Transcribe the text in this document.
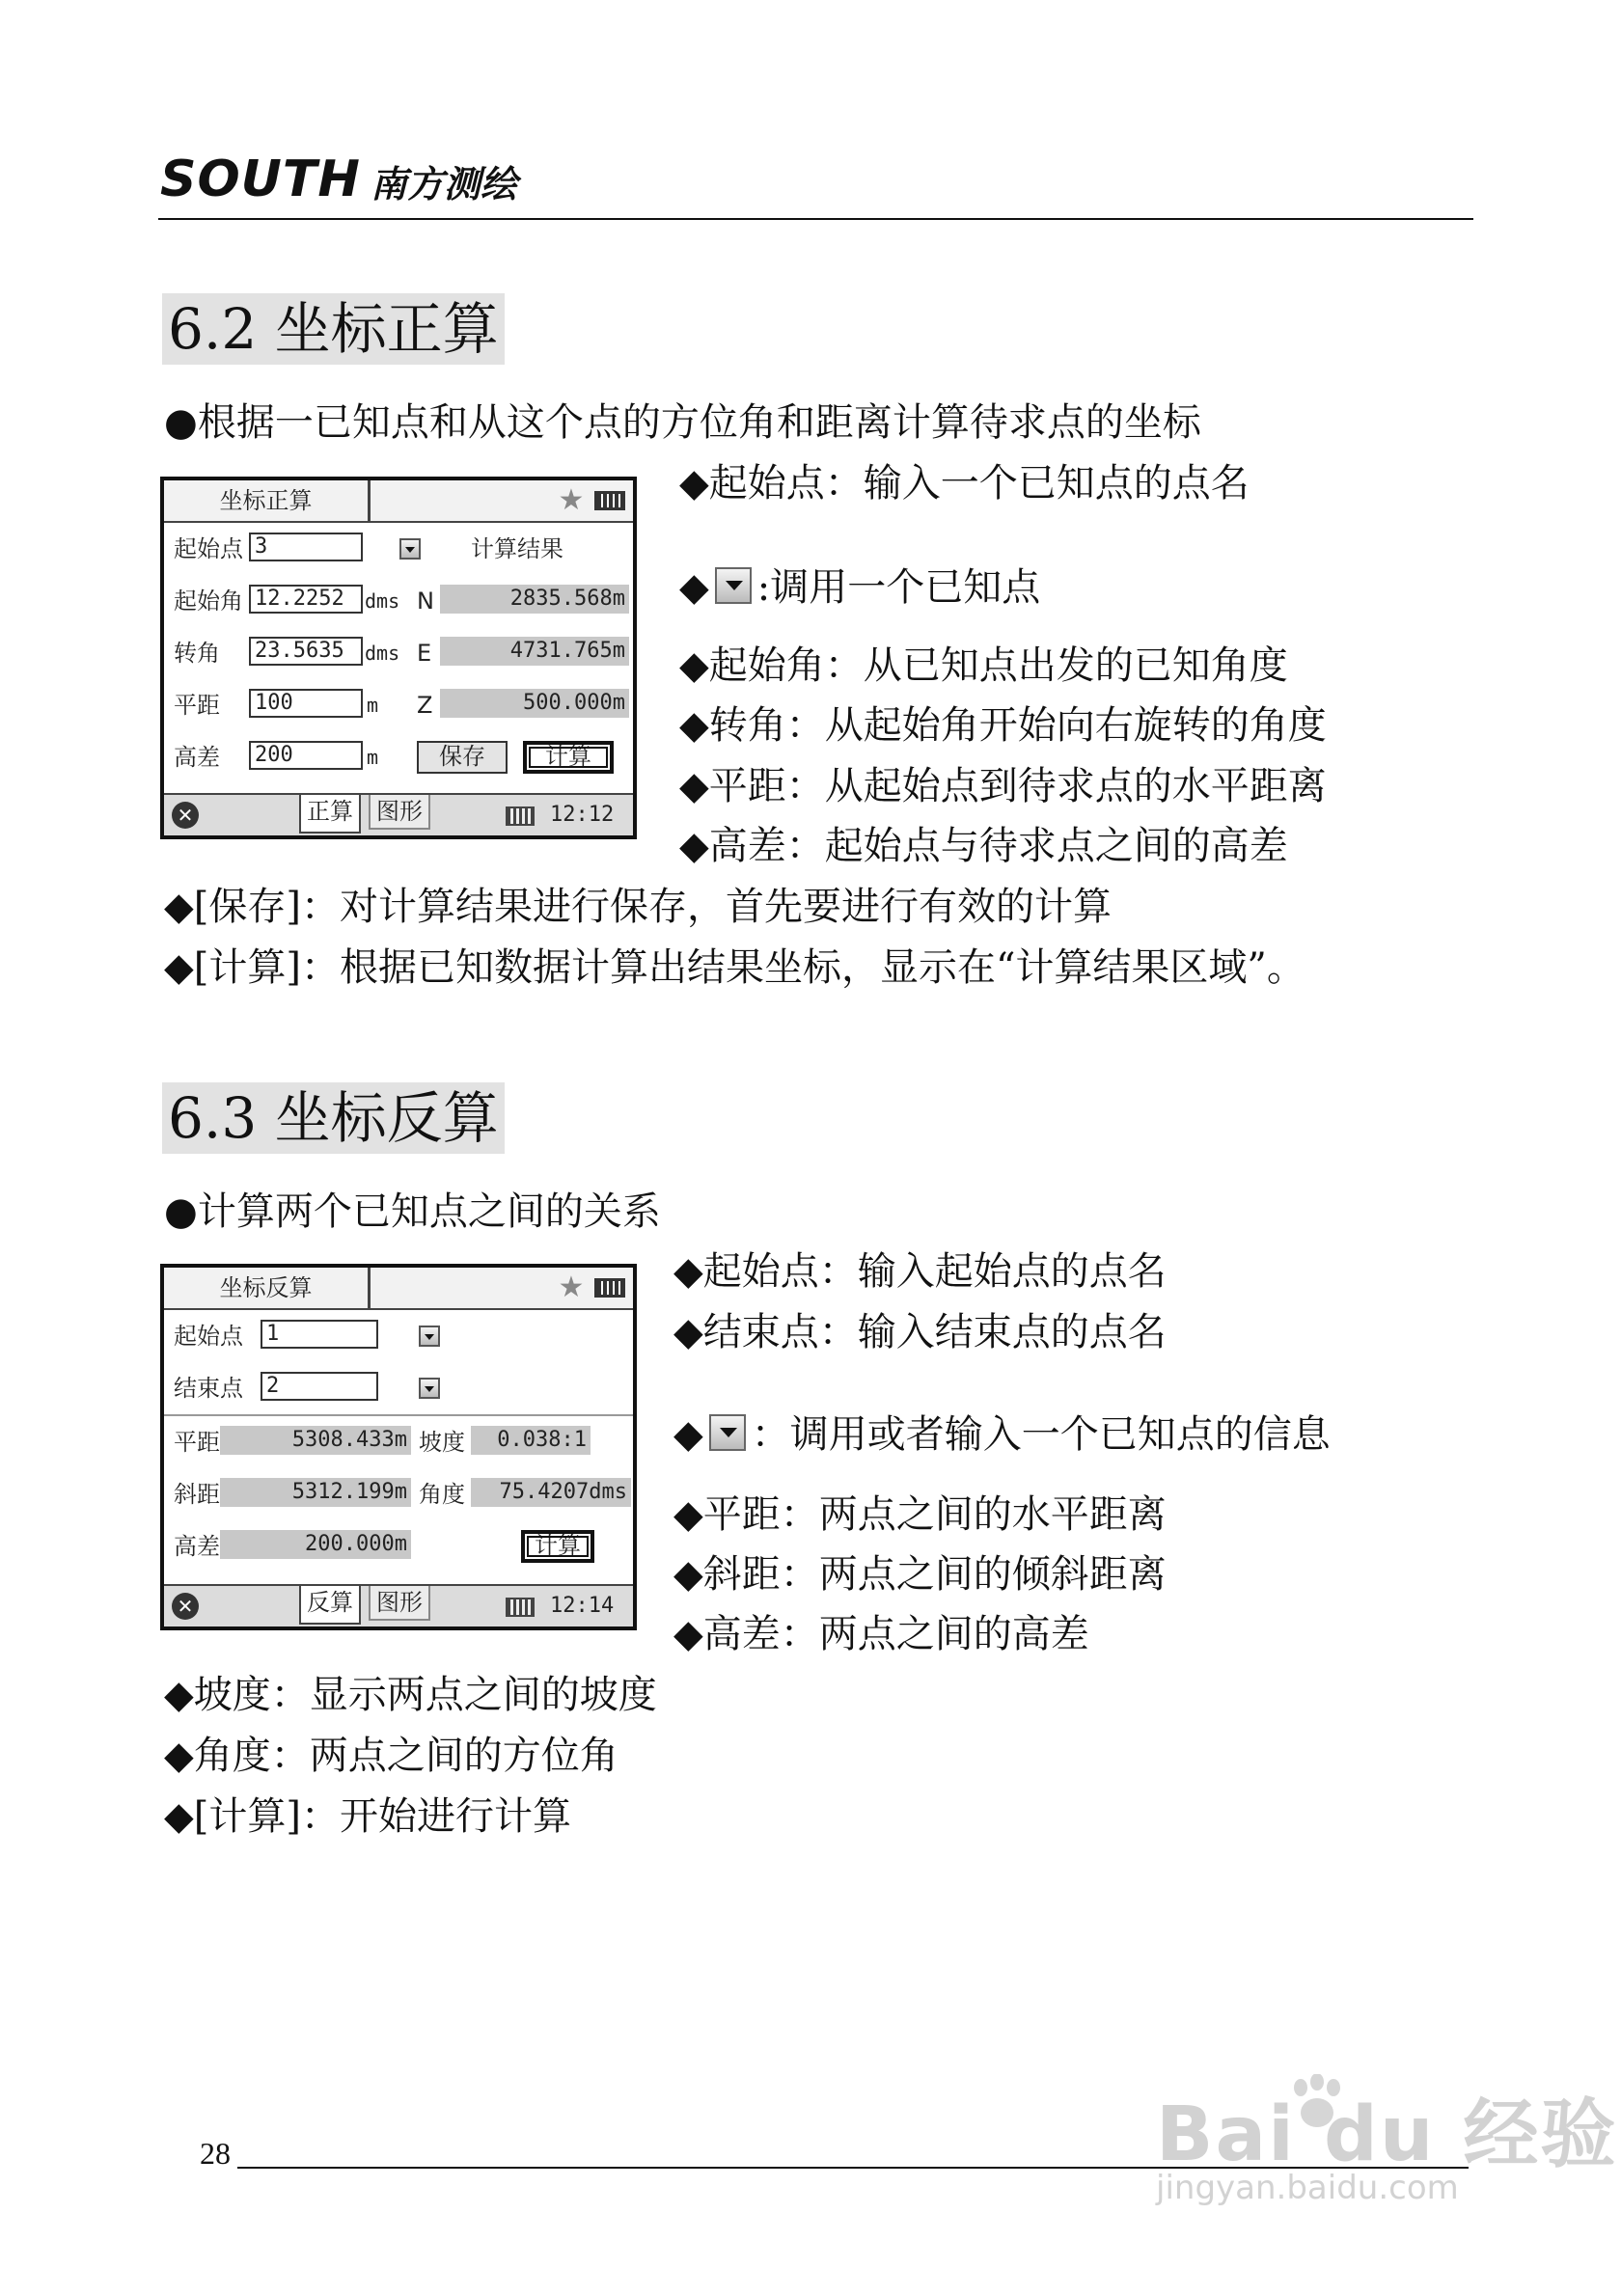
SOUTH 南方测绘
6.2 坐标正算
●根据一已知点和从这个点的方位角和距离计算待求点的坐标
坐标正算	★
起始点 3	计算结果
起始角 12.2252	dms N	2835.568m
转角 23.5635	dms E	4731.765m
平距 100	m Z	500.000m
高差 200	m	保存	计算
✕	正算	图形	12:12
◆起始点：输入一个已知点的点名
◆ :调用一个已知点
◆起始角：从已知点出发的已知角度
◆转角：从起始角开始向右旋转的角度
◆平距：从起始点到待求点的水平距离
◆高差：起始点与待求点之间的高差
◆[保存]：对计算结果进行保存，首先要进行有效的计算
◆[计算]：根据已知数据计算出结果坐标，显示在“计算结果区域”。
6.3 坐标反算
●计算两个已知点之间的关系
坐标反算	★
起始点 1
结束点 2
平距	5308.433m 坡度	0.038:1
斜距	5312.199m 角度	75.4207dms
高差	200.000m	计算
✕	反算	图形	12:14
◆起始点：输入起始点的点名
◆结束点：输入结束点的点名
◆ ：调用或者输入一个已知点的信息
◆平距：两点之间的水平距离
◆斜距：两点之间的倾斜距离
◆高差：两点之间的高差
◆坡度：显示两点之间的坡度
◆角度：两点之间的方位角
◆[计算]：开始进行计算
28	Bai du 经验
jingyan.baidu.com
